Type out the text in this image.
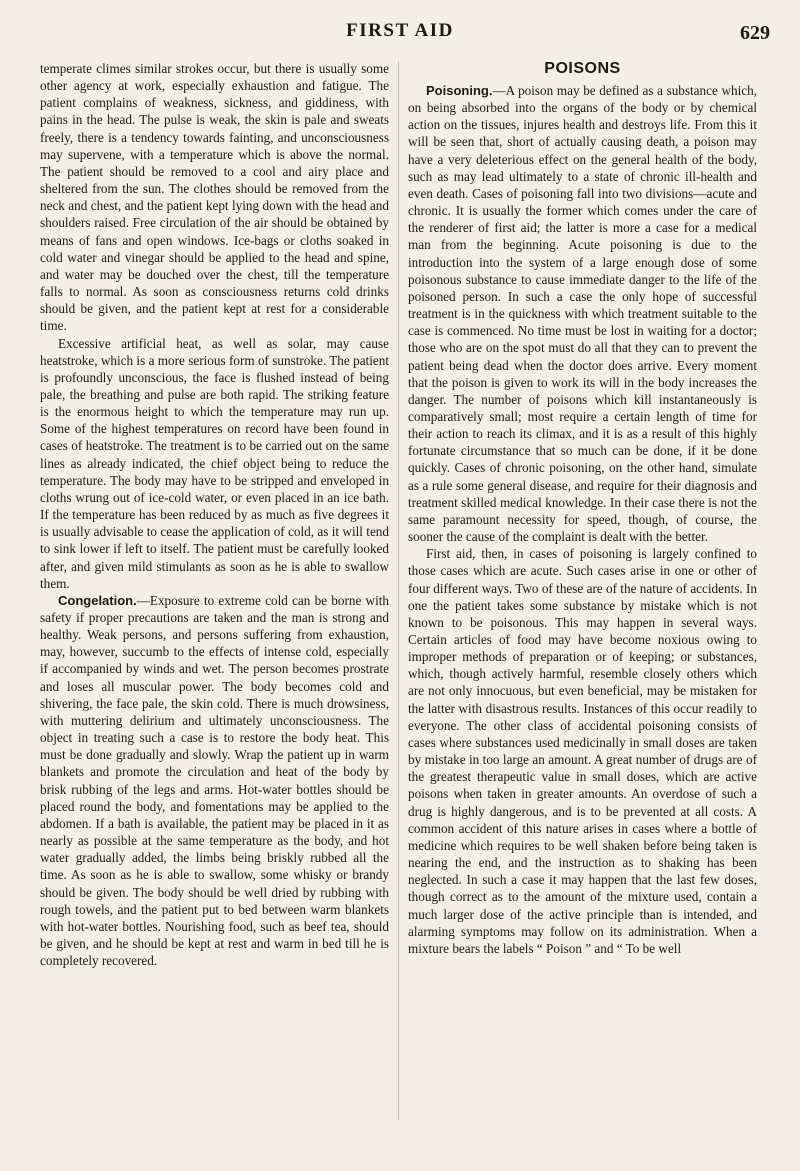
FIRST AID	629

temperate climes similar strokes occur, but there is usually some other agency at work, especially exhaustion and fatigue. The patient complains of weakness, sickness, and giddiness, with pains in the head. The pulse is weak, the skin is pale and sweats freely, there is a tendency towards fainting, and unconsciousness may supervene, with a temperature which is above the normal. The patient should be removed to a cool and airy place and sheltered from the sun. The clothes should be removed from the neck and chest, and the patient kept lying down with the head and shoulders raised. Free circulation of the air should be obtained by means of fans and open windows. Ice-bags or cloths soaked in cold water and vinegar should be applied to the head and spine, and water may be douched over the chest, till the temperature falls to normal. As soon as consciousness returns cold drinks should be given, and the patient kept at rest for a considerable time.

Excessive artificial heat, as well as solar, may cause heatstroke, which is a more serious form of sunstroke. The patient is profoundly unconscious, the face is flushed instead of being pale, the breathing and pulse are both rapid. The striking feature is the enormous height to which the temperature may run up. Some of the highest temperatures on record have been found in cases of heatstroke. The treatment is to be carried out on the same lines as already indicated, the chief object being to reduce the temperature. The body may have to be stripped and enveloped in cloths wrung out of ice-cold water, or even placed in an ice bath. If the temperature has been reduced by as much as five degrees it is usually advisable to cease the application of cold, as it will tend to sink lower if left to itself. The patient must be carefully looked after, and given mild stimulants as soon as he is able to swallow them.

Congelation.—Exposure to extreme cold can be borne with safety if proper precautions are taken and the man is strong and healthy. Weak persons, and persons suffering from exhaustion, may, however, succumb to the effects of intense cold, especially if accompanied by winds and wet. The person becomes prostrate and loses all muscular power. The body becomes cold and shivering, the face pale, the skin cold. There is much drowsiness, with muttering delirium and ultimately unconsciousness. The object in treating such a case is to restore the body heat. This must be done gradually and slowly. Wrap the patient up in warm blankets and promote the circulation and heat of the body by brisk rubbing of the legs and arms. Hot-water bottles should be placed round the body, and fomentations may be applied to the abdomen. If a bath is available, the patient may be placed in it as nearly as possible at the same temperature as the body, and hot water gradually added, the limbs being briskly rubbed all the time. As soon as he is able to swallow, some whisky or brandy should be given. The body should be well dried by rubbing with rough towels, and the patient put to bed between warm blankets with hot-water bottles. Nourishing food, such as beef tea, should be given, and he should be kept at rest and warm in bed till he is completely recovered.

POISONS

Poisoning.—A poison may be defined as a substance which, on being absorbed into the organs of the body or by chemical action on the tissues, injures health and destroys life. From this it will be seen that, short of actually causing death, a poison may have a very deleterious effect on the general health of the body, such as may lead ultimately to a state of chronic ill-health and even death. Cases of poisoning fall into two divisions—acute and chronic. It is usually the former which comes under the care of the renderer of first aid; the latter is more a case for a medical man from the beginning. Acute poisoning is due to the introduction into the system of a large enough dose of some poisonous substance to cause immediate danger to the life of the poisoned person. In such a case the only hope of successful treatment is in the quickness with which treatment suitable to the case is commenced. No time must be lost in waiting for a doctor; those who are on the spot must do all that they can to prevent the patient being dead when the doctor does arrive. Every moment that the poison is given to work its will in the body increases the danger. The number of poisons which kill instantaneously is comparatively small; most require a certain length of time for their action to reach its climax, and it is as a result of this highly fortunate circumstance that so much can be done, if it be done quickly. Cases of chronic poisoning, on the other hand, simulate as a rule some general disease, and require for their diagnosis and treatment skilled medical knowledge. In their case there is not the same paramount necessity for speed, though, of course, the sooner the cause of the complaint is dealt with the better.

First aid, then, in cases of poisoning is largely confined to those cases which are acute. Such cases arise in one or other of four different ways. Two of these are of the nature of accidents. In one the patient takes some substance by mistake which is not known to be poisonous. This may happen in several ways. Certain articles of food may have become noxious owing to improper methods of preparation or of keeping; or substances, which, though actively harmful, resemble closely others which are not only innocuous, but even beneficial, may be mistaken for the latter with disastrous results. Instances of this occur readily to everyone. The other class of accidental poisoning consists of cases where substances used medicinally in small doses are taken by mistake in too large an amount. A great number of drugs are of the greatest therapeutic value in small doses, which are active poisons when taken in greater amounts. An overdose of such a drug is highly dangerous, and is to be prevented at all costs. A common accident of this nature arises in cases where a bottle of medicine which requires to be well shaken before being taken is nearing the end, and the instruction as to shaking has been neglected. In such a case it may happen that the last few doses, though correct as to the amount of the mixture used, contain a much larger dose of the active principle than is intended, and alarming symptoms may follow on its administration. When a mixture bears the labels “ Poison ” and “ To be well
